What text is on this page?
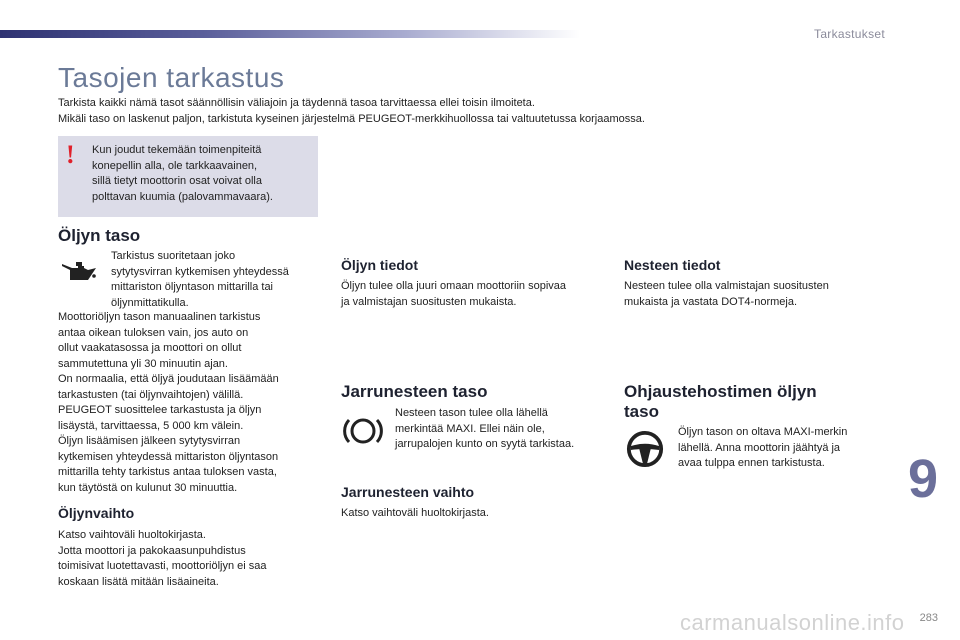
Tarkastukset
Tasojen tarkastus
Tarkista kaikki nämä tasot säännöllisin väliajoin ja täydennä tasoa tarvittaessa ellei toisin ilmoiteta.
Mikäli taso on laskenut paljon, tarkistuta kyseinen järjestelmä PEUGEOT-merkkihuollossa tai valtuutetussa korjaamossa.
! Kun joudut tekemään toimenpiteitä
konepellin alla, ole tarkkaavainen,
sillä tietyt moottorin osat voivat olla
polttavan kuumia (palovammavaara).
Öljyn taso
Tarkistus suoritetaan joko
sytytysvirran kytkemisen yhteydessä
mittariston öljyntason mittarilla tai
öljynmittatikulla.
Moottoriöljyn tason manuaalinen tarkistus
antaa oikean tuloksen vain, jos auto on
ollut vaakatasossa ja moottori on ollut
sammutettuna yli 30 minuutin ajan.
On normaalia, että öljyä joudutaan lisäämään
tarkastusten (tai öljynvaihtojen) välillä.
PEUGEOT suosittelee tarkastusta ja öljyn
lisäystä, tarvittaessa, 5 000 km välein.
Öljyn lisäämisen jälkeen sytytysvirran
kytkemisen yhteydessä mittariston öljyntason
mittarilla tehty tarkistus antaa tuloksen vasta,
kun täytöstä on kulunut 30 minuuttia.
Öljynvaihto
Katso vaihtoväli huoltokirjasta.
Jotta moottori ja pakokaasunpuhdistus
toimisivat luotettavasti, moottoriöljyn ei saa
koskaan lisätä mitään lisäaineita.
Öljyn tiedot
Öljyn tulee olla juuri omaan moottoriin sopivaa
ja valmistajan suositusten mukaista.
Jarrunesteen taso
Nesteen tason tulee olla lähellä
merkintää MAXI. Ellei näin ole,
jarrupalojen kunto on syytä tarkistaa.
Jarrunesteen vaihto
Katso vaihtoväli huoltokirjasta.
Nesteen tiedot
Nesteen tulee olla valmistajan suositusten
mukaista ja vastata DOT4-normeja.
Ohjaustehostimen öljyn
taso
Öljyn tason on oltava MAXI-merkin
lähellä. Anna moottorin jäähtyä ja
avaa tulppa ennen tarkistusta.	9
carmanualsonline.info 283
